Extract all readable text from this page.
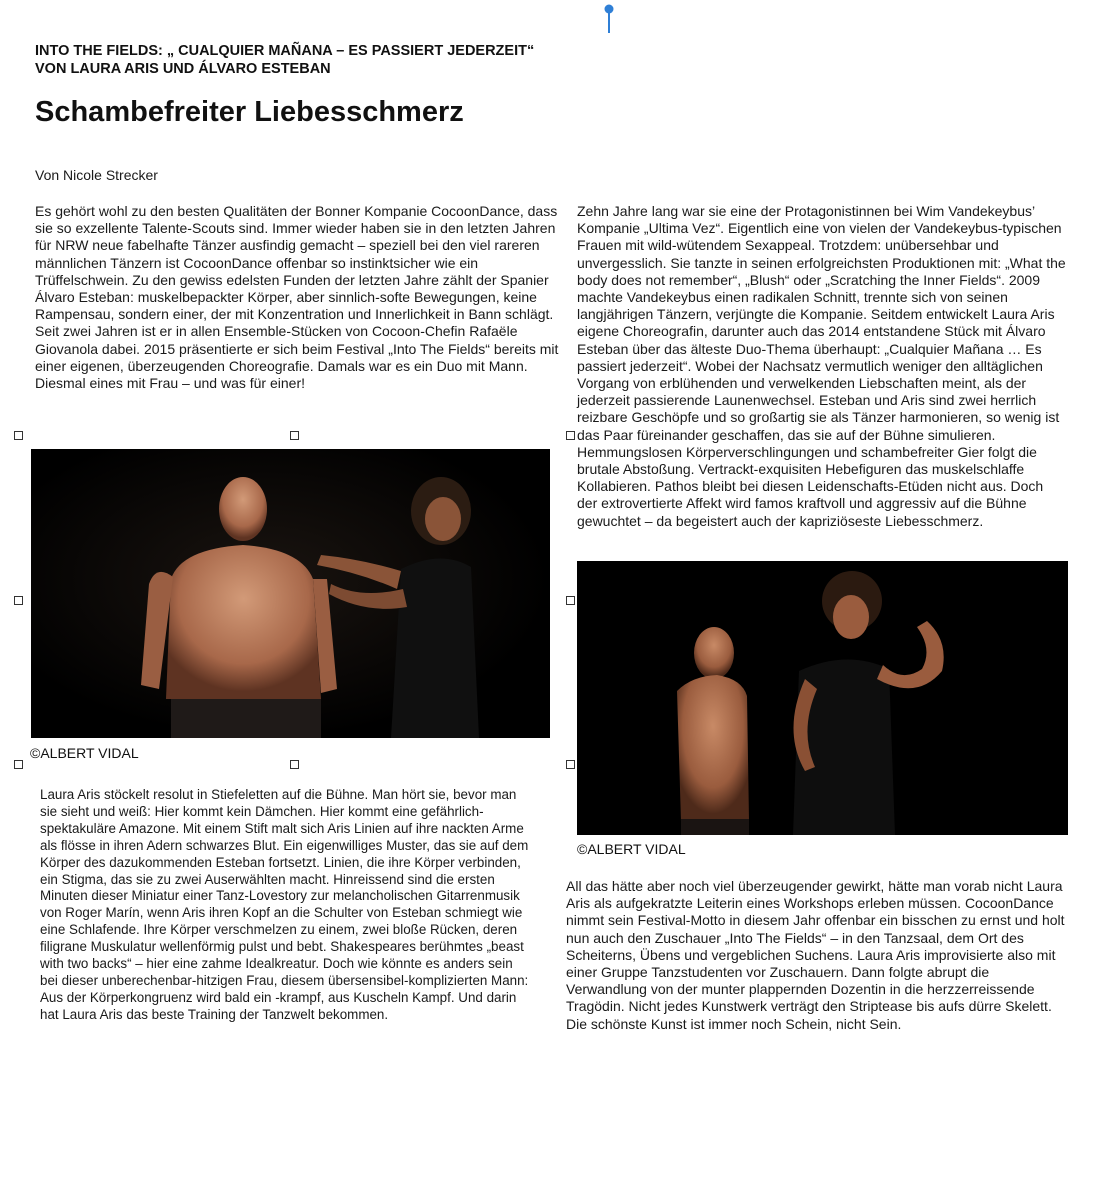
INTO THE FIELDS: „ CUALQUIER MAÑANA – ES PASSIERT JEDERZEIT“
VON LAURA ARIS UND ÁLVARO ESTEBAN
Schambefreiter Liebesschmerz
Von Nicole Strecker

Es gehört wohl zu den besten Qualitäten der Bonner Kompanie CocoonDance, dass sie so exzellente Talente-Scouts sind. Immer wieder haben sie in den letzten Jahren für NRW neue fabelhafte Tänzer ausfindig gemacht – speziell bei den viel rareren männlichen Tänzern ist CocoonDance offenbar so instinktsicher wie ein Trüffelschwein. Zu den gewiss edelsten Funden der letzten Jahre zählt der Spanier Álvaro Esteban: muskelbepackter Körper, aber sinnlich-softe Bewegungen, keine Rampensau, sondern einer, der mit Konzentration und Innerlichkeit in Bann schlägt. Seit zwei Jahren ist er in allen Ensemble-Stücken von Cocoon-Chefin Rafaële Giovanola dabei. 2015 präsentierte er sich beim Festival „Into The Fields“ bereits mit einer eigenen, überzeugenden Choreografie. Damals war es ein Duo mit Mann. Diesmal eines mit Frau – und was für einer!

Zehn Jahre lang war sie eine der Protagonistinnen bei Wim Vandekeybus’ Kompanie „Ultima Vez“. Eigentlich eine von vielen der Vandekeybus-typischen Frauen mit wild-wütendem Sexappeal. Trotzdem: unübersehbar und unvergesslich. Sie tanzte in seinen erfolgreichsten Produktionen mit: „What the body does not remember“, „Blush“ oder „Scratching the Inner Fields“. 2009 machte Vandekeybus einen radikalen Schnitt, trennte sich von seinen langjährigen Tänzern, verjüngte die Kompanie. Seitdem entwickelt Laura Aris eigene Choreografin, darunter auch das 2014 entstandene Stück mit Álvaro Esteban über das älteste Duo-Thema überhaupt: „Cualquier Mañana … Es passiert jederzeit“. Wobei der Nachsatz vermutlich weniger den alltäglichen Vorgang von erblühenden und verwelkenden Liebschaften meint, als der jederzeit passierende Launenwechsel. Esteban und Aris sind zwei herrlich reizbare Geschöpfe und so großartig sie als Tänzer harmonieren, so wenig ist das Paar füreinander geschaffen, das sie auf der Bühne simulieren. Hemmungslosen Körperverschlingungen und schambefreiter Gier folgt die brutale Abstoßung. Vertrackt-exquisiten Hebefiguren das muskelschlaffe Kollabieren. Pathos bleibt bei diesen Leidenschafts-Etüden nicht aus. Doch der extrovertierte Affekt wird famos kraftvoll und aggressiv auf die Bühne gewuchtet – da begeistert auch der kapriziöseste Liebesschmerz.

©ALBERT VIDAL

Laura Aris stöckelt resolut in Stiefeletten auf die Bühne. Man hört sie, bevor man sie sieht und weiß: Hier kommt kein Dämchen. Hier kommt eine gefährlich-spektakuläre Amazone. Mit einem Stift malt sich Aris Linien auf ihre nackten Arme als flösse in ihren Adern schwarzes Blut. Ein eigenwilliges Muster, das sie auf dem Körper des dazukommenden Esteban fortsetzt. Linien, die ihre Körper verbinden, ein Stigma, das sie zu zwei Auserwählten macht. Hinreissend sind die ersten Minuten dieser Miniatur einer Tanz-Lovestory zur melancholischen Gitarrenmusik von Roger Marín, wenn Aris ihren Kopf an die Schulter von Esteban schmiegt wie eine Schlafende. Ihre Körper verschmelzen zu einem, zwei bloße Rücken, deren filigrane Muskulatur wellenförmig pulst und bebt. Shakespeares berühmtes „beast with two backs“ – hier eine zahme Idealkreatur. Doch wie könnte es anders sein bei dieser unberechenbar-hitzigen Frau, diesem übersensibel-komplizierten Mann: Aus der Körperkongruenz wird bald ein -krampf, aus Kuscheln Kampf. Und darin hat Laura Aris das beste Training der Tanzwelt bekommen.

©ALBERT VIDAL

All das hätte aber noch viel überzeugender gewirkt, hätte man vorab nicht Laura Aris als aufgekratzte Leiterin eines Workshops erleben müssen. CocoonDance nimmt sein Festival-Motto in diesem Jahr offenbar ein bisschen zu ernst und holt nun auch den Zuschauer „Into The Fields“ – in den Tanzsaal, dem Ort des Scheiterns, Übens und vergeblichen Suchens. Laura Aris improvisierte also mit einer Gruppe Tanzstudenten vor Zuschauern. Dann folgte abrupt die Verwandlung von der munter plappernden Dozentin in die herzzerreissende Tragödin. Nicht jedes Kunstwerk verträgt den Striptease bis aufs dürre Skelett. Die schönste Kunst ist immer noch Schein, nicht Sein.
